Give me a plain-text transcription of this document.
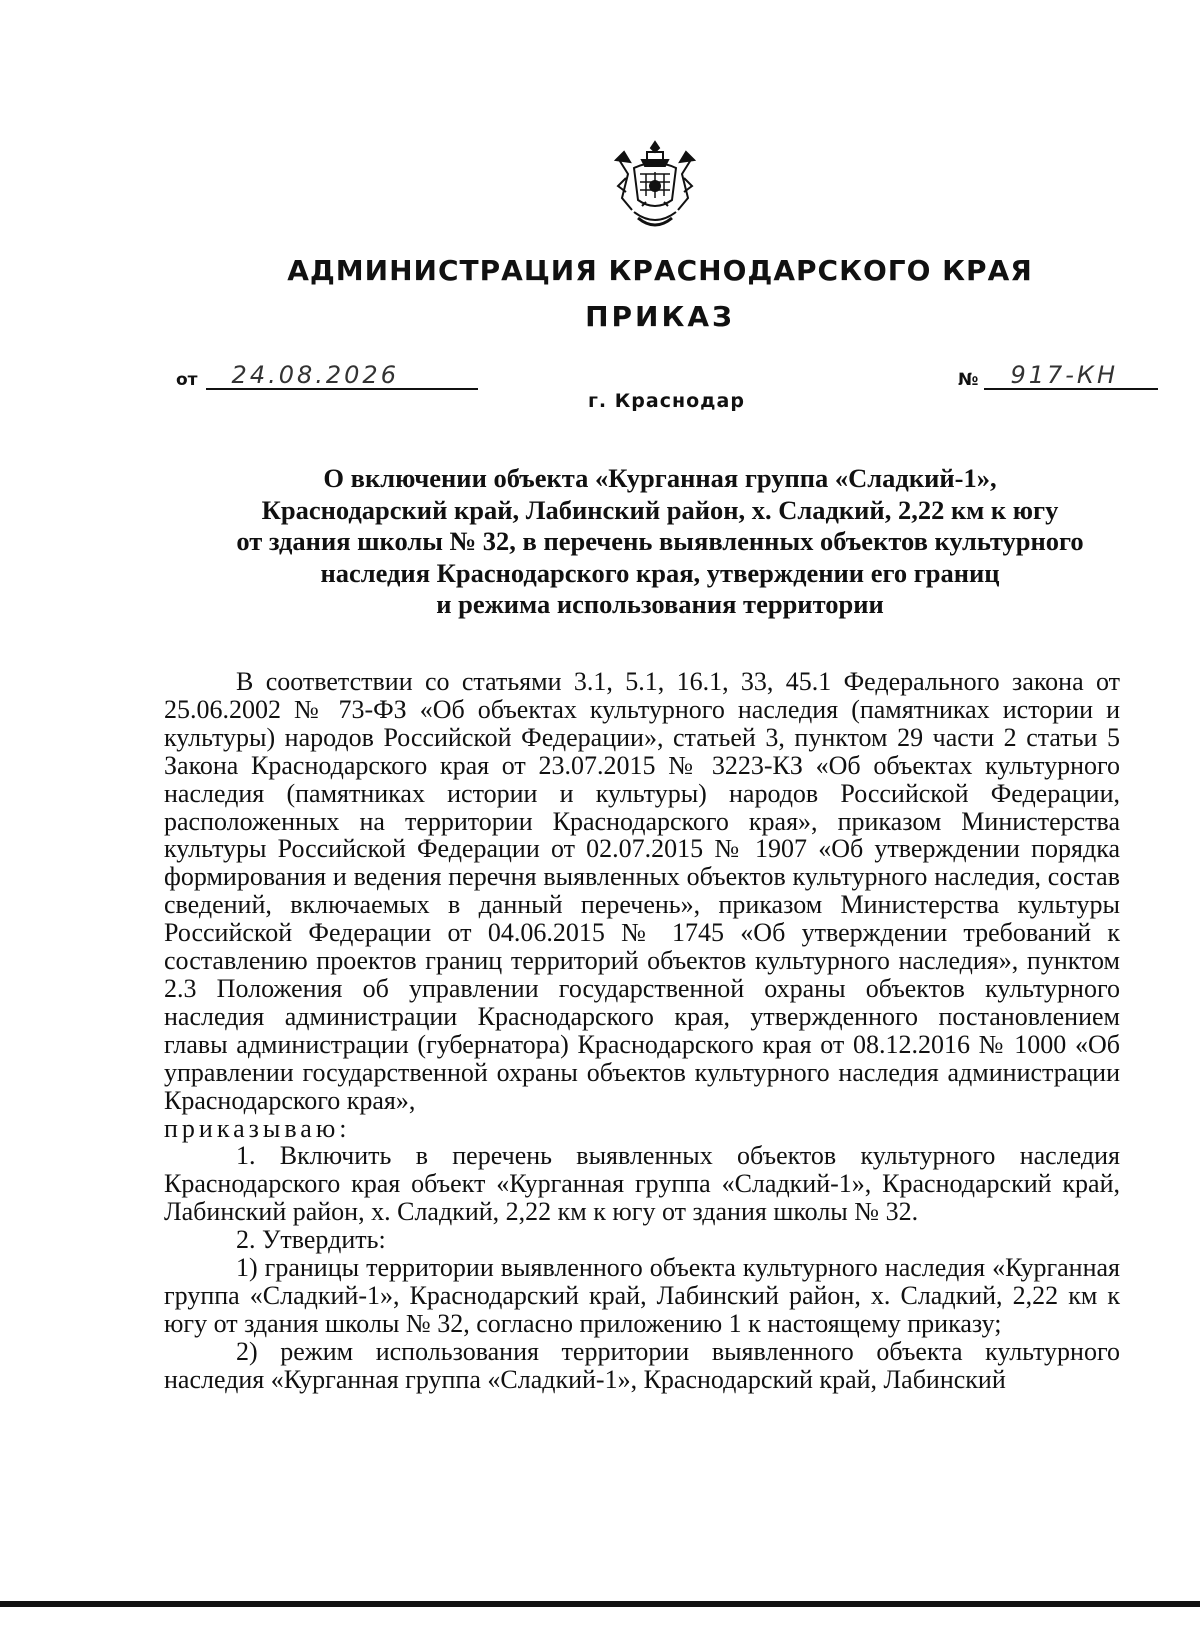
АДМИНИСТРАЦИЯ КРАСНОДАРСКОГО КРАЯ
ПРИКАЗ
от	24.08.2026	№	917-КН
г. Краснодар
О включении объекта «Курганная группа «Сладкий-1»,
Краснодарский край, Лабинский район, х. Сладкий, 2,22 км к югу
от здания школы № 32, в перечень выявленных объектов культурного
наследия Краснодарского края, утверждении его границ
и режима использования территории

В соответствии со статьями 3.1, 5.1, 16.1, 33, 45.1 Федерального закона от 25.06.2002 № 73-ФЗ «Об объектах культурного наследия (памятниках истории и культуры) народов Российской Федерации», статьей 3, пунктом 29 части 2 статьи 5 Закона Краснодарского края от 23.07.2015 № 3223-КЗ «Об объектах культурного наследия (памятниках истории и культуры) народов Российской Федерации, расположенных на территории Краснодарского края», приказом Министерства культуры Российской Федерации от 02.07.2015 № 1907 «Об утверждении порядка формирования и ведения перечня выявленных объектов культурного наследия, состав сведений, включаемых в данный перечень», приказом Министерства культуры Российской Федерации от 04.06.2015 № 1745 «Об утверждении требований к составлению проектов границ территорий объектов культурного наследия», пунктом 2.3 Положения об управлении государственной охраны объектов культурного наследия администрации Краснодарского края, утвержденного постановлением главы администрации (губернатора) Краснодарского края от 08.12.2016 № 1000 «Об управлении государственной охраны объектов культурного наследия администрации Краснодарского края»,

приказываю:

1. Включить в перечень выявленных объектов культурного наследия Краснодарского края объект «Курганная группа «Сладкий-1», Краснодарский край, Лабинский район, х. Сладкий, 2,22 км к югу от здания школы № 32.

2. Утвердить:

1) границы территории выявленного объекта культурного наследия «Курганная группа «Сладкий-1», Краснодарский край, Лабинский район, х. Сладкий, 2,22 км к югу от здания школы № 32, согласно приложению 1 к настоящему приказу;

2) режим использования территории выявленного объекта культурного наследия «Курганная группа «Сладкий-1», Краснодарский край, Лабинский
